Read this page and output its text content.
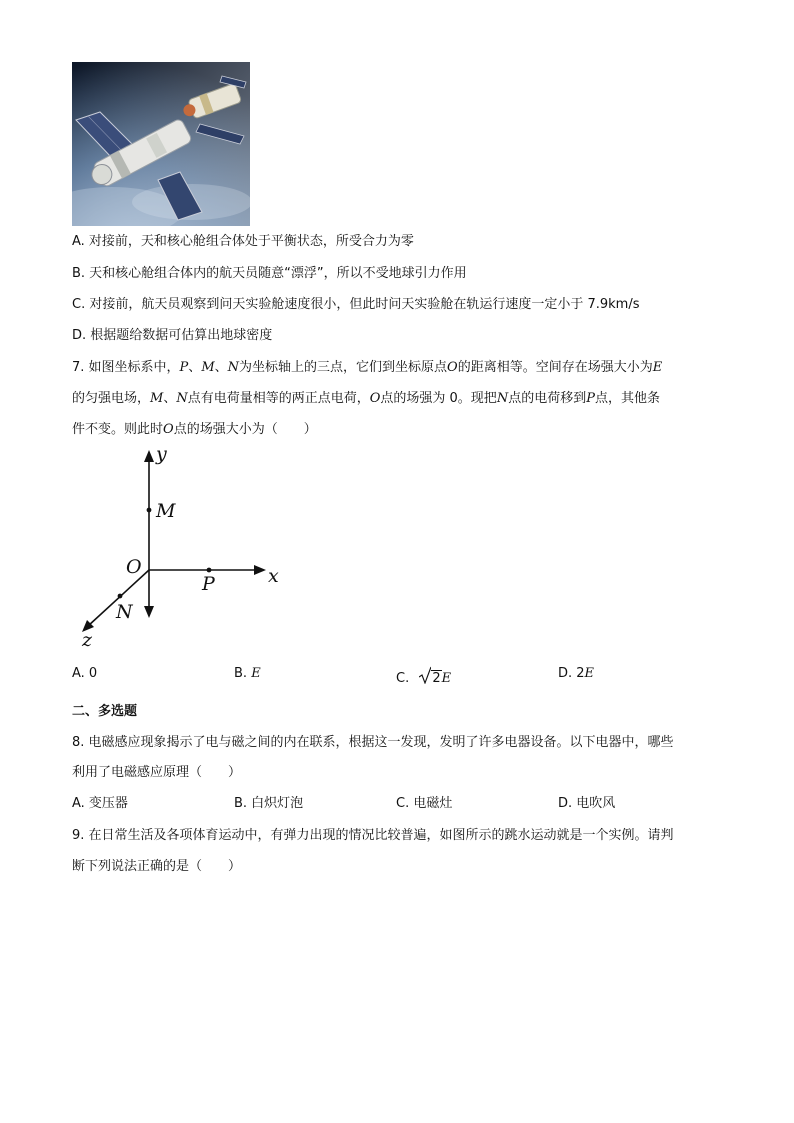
A. 对接前，天和核心舱组合体处于平衡状态，所受合力为零
B. 天和核心舱组合体内的航天员随意“漂浮”，所以不受地球引力作用
C. 对接前，航天员观察到问天实验舱速度很小，但此时问天实验舱在轨运行速度一定小于 7.9km/s
D. 根据题给数据可估算出地球密度
7. 如图坐标系中，P、M、N为坐标轴上的三点，它们到坐标原点O的距离相等。空间存在场强大小为E
的匀强电场，M、N点有电荷量相等的两正点电荷，O点的场强为 0。现把N点的电荷移到P点，其他条
件不变。则此时O点的场强大小为（　　）
y
M
O
P	x
N
z
A. 0	B. E	C. 2E	D. 2E
二、多选题
8. 电磁感应现象揭示了电与磁之间的内在联系，根据这一发现，发明了许多电器设备。以下电器中，哪些
利用了电磁感应原理（　　）
A. 变压器	B. 白炽灯泡	C. 电磁灶	D. 电吹风
9. 在日常生活及各项体育运动中，有弹力出现的情况比较普遍，如图所示的跳水运动就是一个实例。请判
断下列说法正确的是（　　）
